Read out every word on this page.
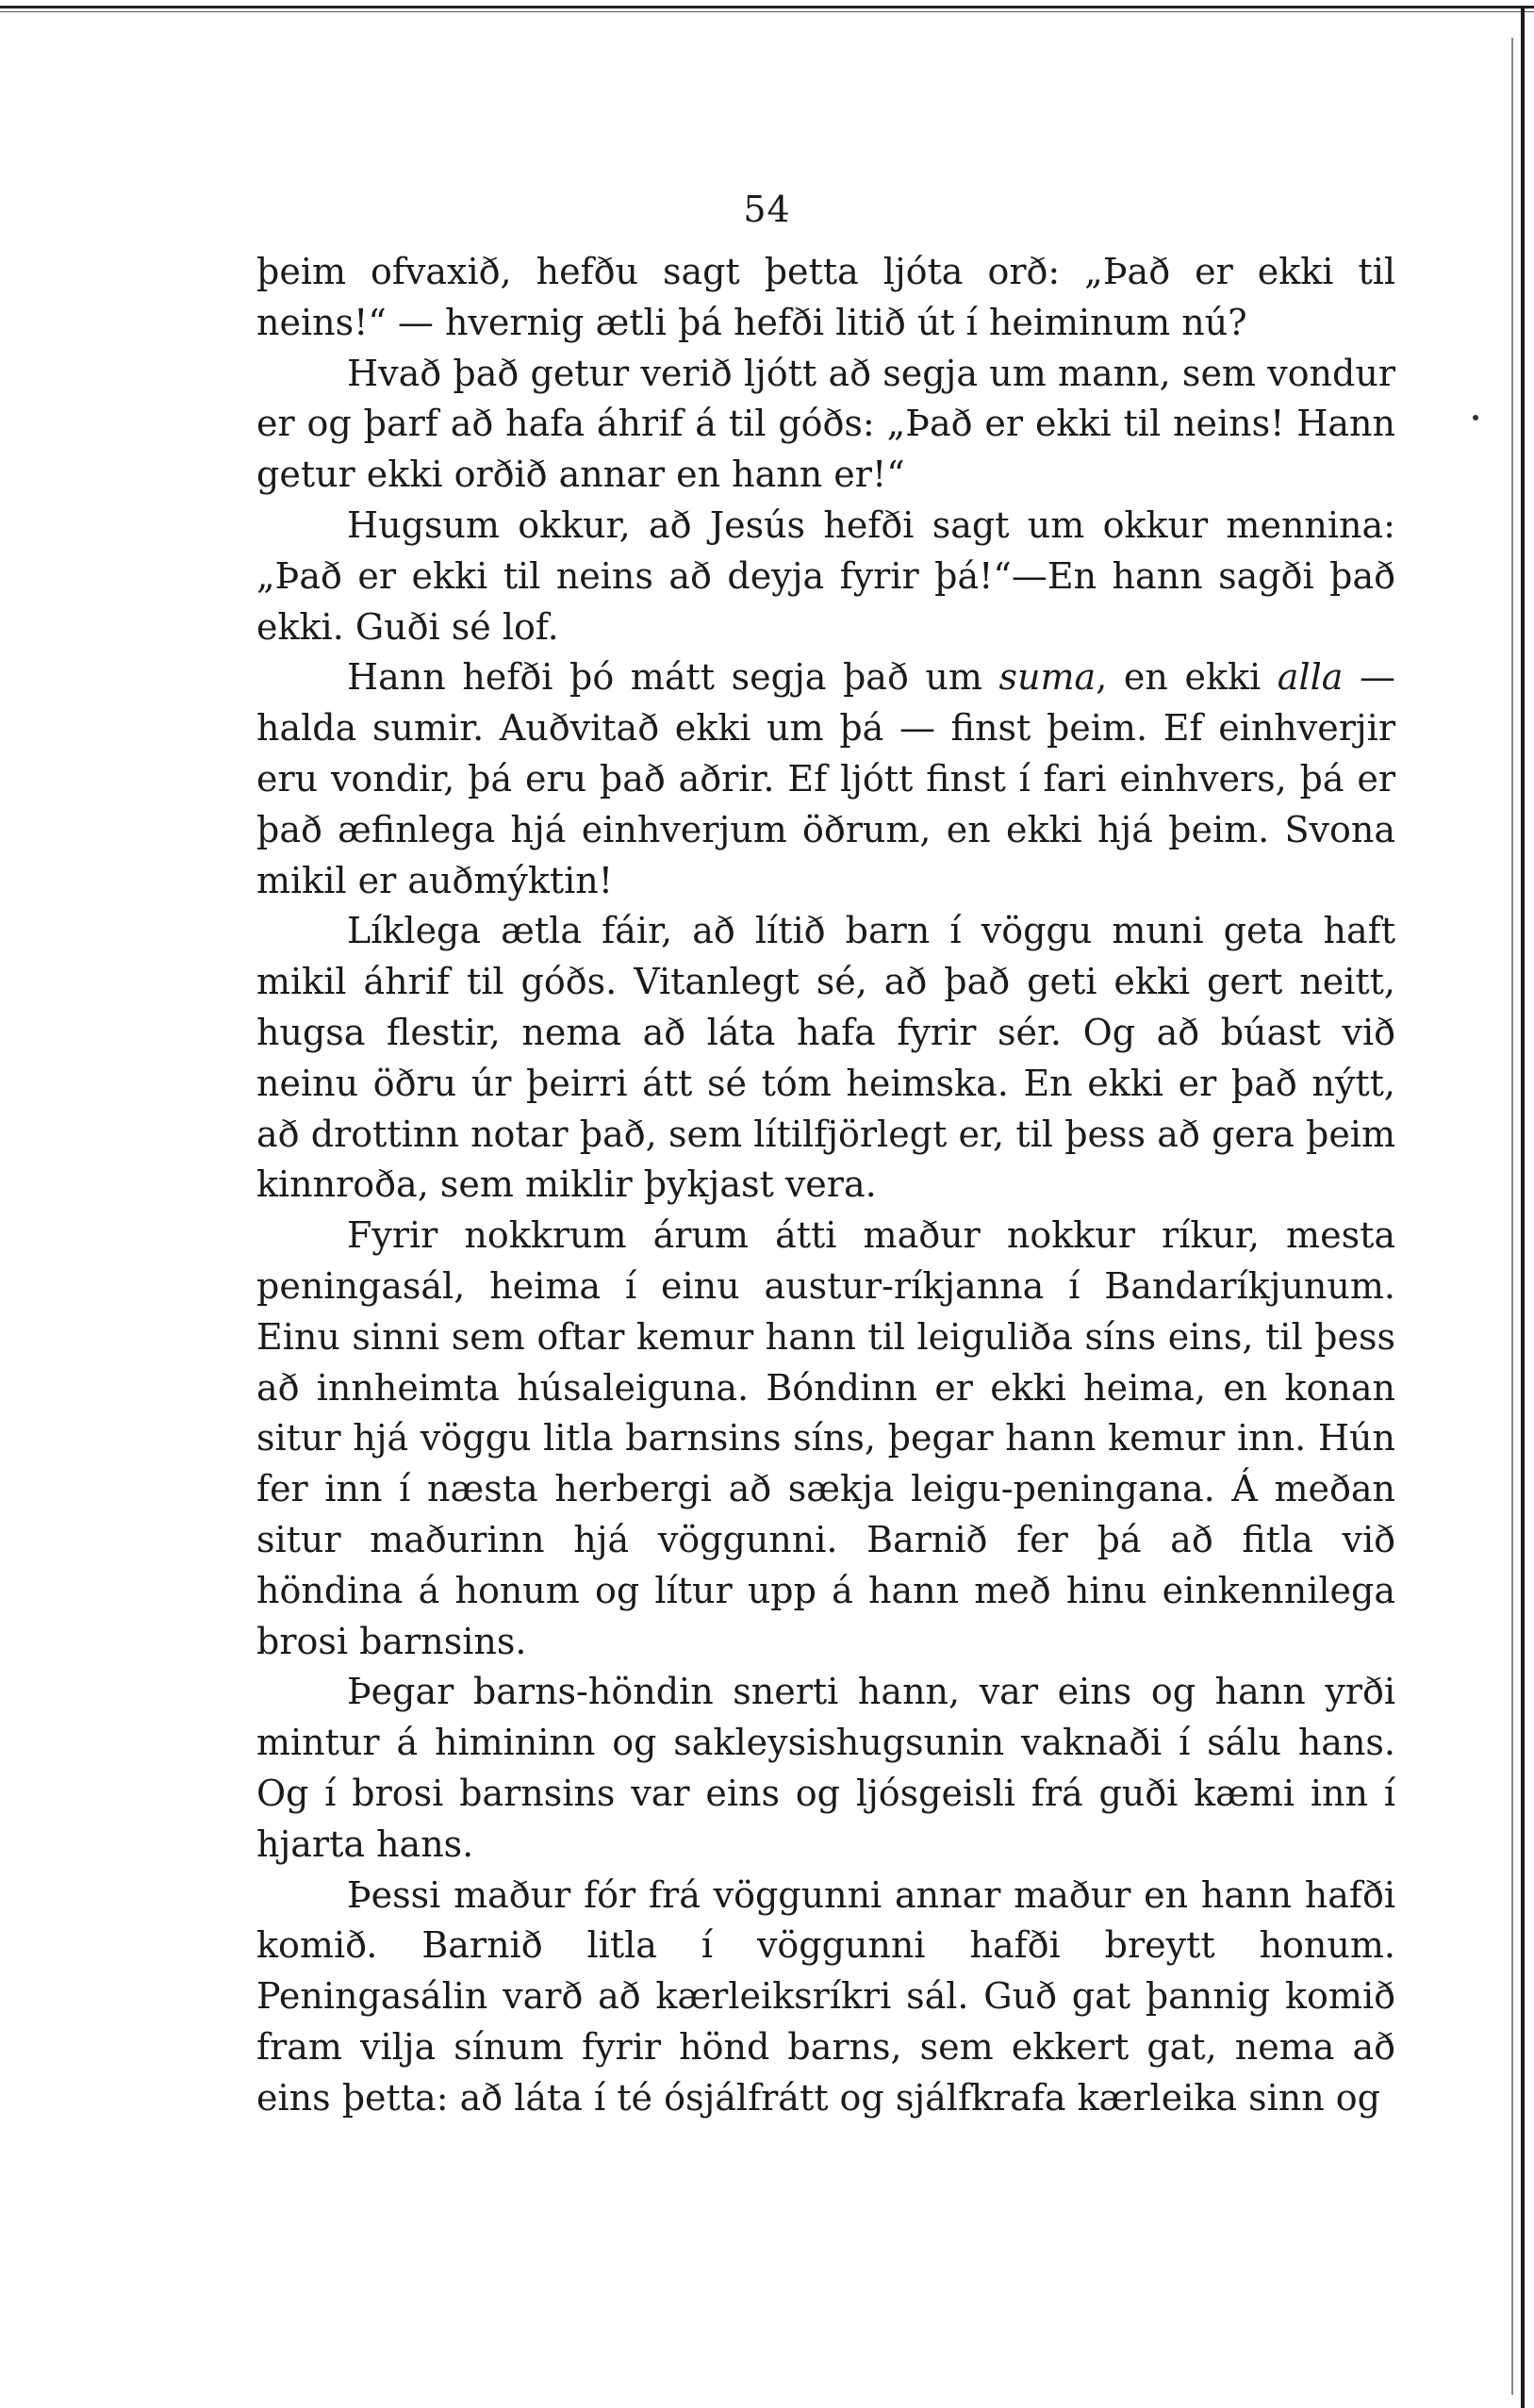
54

þeim ofvaxið, hefðu sagt þetta ljóta orð: „Það er ekki til neins!“ — hvernig ætli þá hefði litið út í heiminum nú?

Hvað það getur verið ljótt að segja um mann, sem vondur er og þarf að hafa áhrif á til góðs: „Það er ekki til neins! Hann getur ekki orðið annar en hann er!“

Hugsum okkur, að Jesús hefði sagt um okkur mennina: „Það er ekki til neins að deyja fyrir þá!“—En hann sagði það ekki. Guði sé lof.

Hann hefði þó mátt segja það um suma, en ekki alla — halda sumir. Auðvitað ekki um þá — finst þeim. Ef einhverjir eru vondir, þá eru það aðrir. Ef ljótt finst í fari einhvers, þá er það æfinlega hjá einhverjum öðrum, en ekki hjá þeim. Svona mikil er auðmýktin!

Líklega ætla fáir, að lítið barn í vöggu muni geta haft mikil áhrif til góðs. Vitanlegt sé, að það geti ekki gert neitt, hugsa flestir, nema að láta hafa fyrir sér. Og að búast við neinu öðru úr þeirri átt sé tóm heimska. En ekki er það nýtt, að drottinn notar það, sem lítilfjörlegt er, til þess að gera þeim kinnroða, sem miklir þykjast vera.

Fyrir nokkrum árum átti maður nokkur ríkur, mesta peningasál, heima í einu austur-ríkjanna í Bandaríkjunum. Einu sinni sem oftar kemur hann til leiguliða síns eins, til þess að innheimta húsaleiguna. Bóndinn er ekki heima, en konan situr hjá vöggu litla barnsins síns, þegar hann kemur inn. Hún fer inn í næsta herbergi að sækja leigu-peningana. Á meðan situr maðurinn hjá vöggunni. Barnið fer þá að fitla við höndina á honum og lítur upp á hann með hinu einkennilega brosi barnsins.

Þegar barns-höndin snerti hann, var eins og hann yrði mintur á himininn og sakleysishugsunin vaknaði í sálu hans. Og í brosi barnsins var eins og ljósgeisli frá guði kæmi inn í hjarta hans.

Þessi maður fór frá vöggunni annar maður en hann hafði komið. Barnið litla í vöggunni hafði breytt honum. Peningasálin varð að kærleiksríkri sál. Guð gat þannig komið fram vilja sínum fyrir hönd barns, sem ekkert gat, nema að eins þetta: að láta í té ósjálfrátt og sjálfkrafa kærleika sinn og
